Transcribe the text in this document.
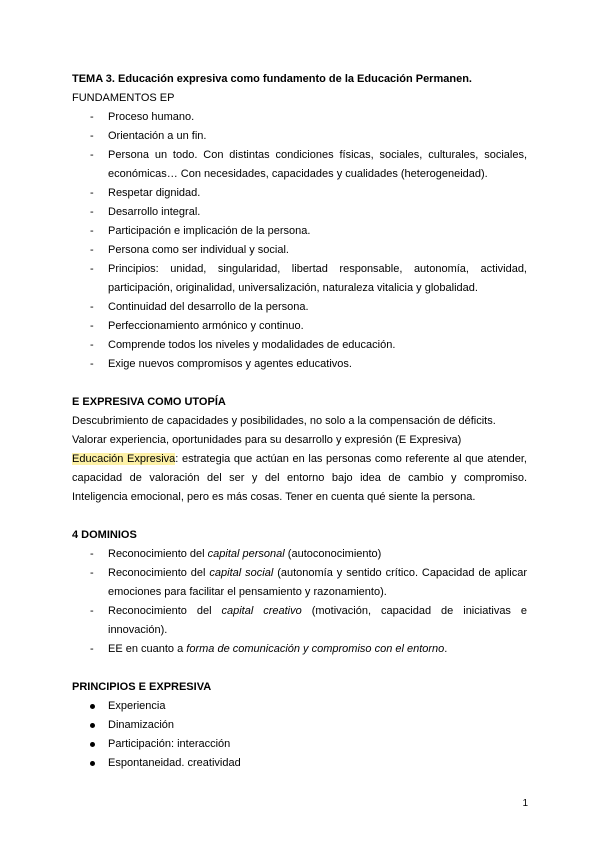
TEMA 3. Educación expresiva como fundamento de la Educación Permanen.
FUNDAMENTOS EP
- Proceso humano.
- Orientación a un fin.
- Persona un todo. Con distintas condiciones físicas, sociales, culturales, sociales, económicas… Con necesidades, capacidades y cualidades (heterogeneidad).
- Respetar dignidad.
- Desarrollo integral.
- Participación e implicación de la persona.
- Persona como ser individual y social.
- Principios: unidad, singularidad, libertad responsable, autonomía, actividad, participación, originalidad, universalización, naturaleza vitalicia y globalidad.
- Continuidad del desarrollo de la persona.
- Perfeccionamiento armónico y continuo.
- Comprende todos los niveles y modalidades de educación.
- Exige nuevos compromisos y agentes educativos.
E EXPRESIVA COMO UTOPÍA

Descubrimiento de capacidades y posibilidades, no solo a la compensación de déficits.

Valorar experiencia, oportunidades para su desarrollo y expresión (E Expresiva)

Educación Expresiva: estrategia que actúan en las personas como referente al que atender, capacidad de valoración del ser y del entorno bajo idea de cambio y compromiso. Inteligencia emocional, pero es más cosas. Tener en cuenta qué siente la persona.

4 DOMINIOS
- Reconocimiento del capital personal (autoconocimiento)
- Reconocimiento del capital social (autonomía y sentido crítico. Capacidad de aplicar emociones para facilitar el pensamiento y razonamiento).
- Reconocimiento del capital creativo (motivación, capacidad de iniciativas e innovación).
- EE en cuanto a forma de comunicación y compromiso con el entorno.
PRINCIPIOS E EXPRESIVA
Experiencia
Dinamización
Participación: interacción
Espontaneidad. creatividad
1
